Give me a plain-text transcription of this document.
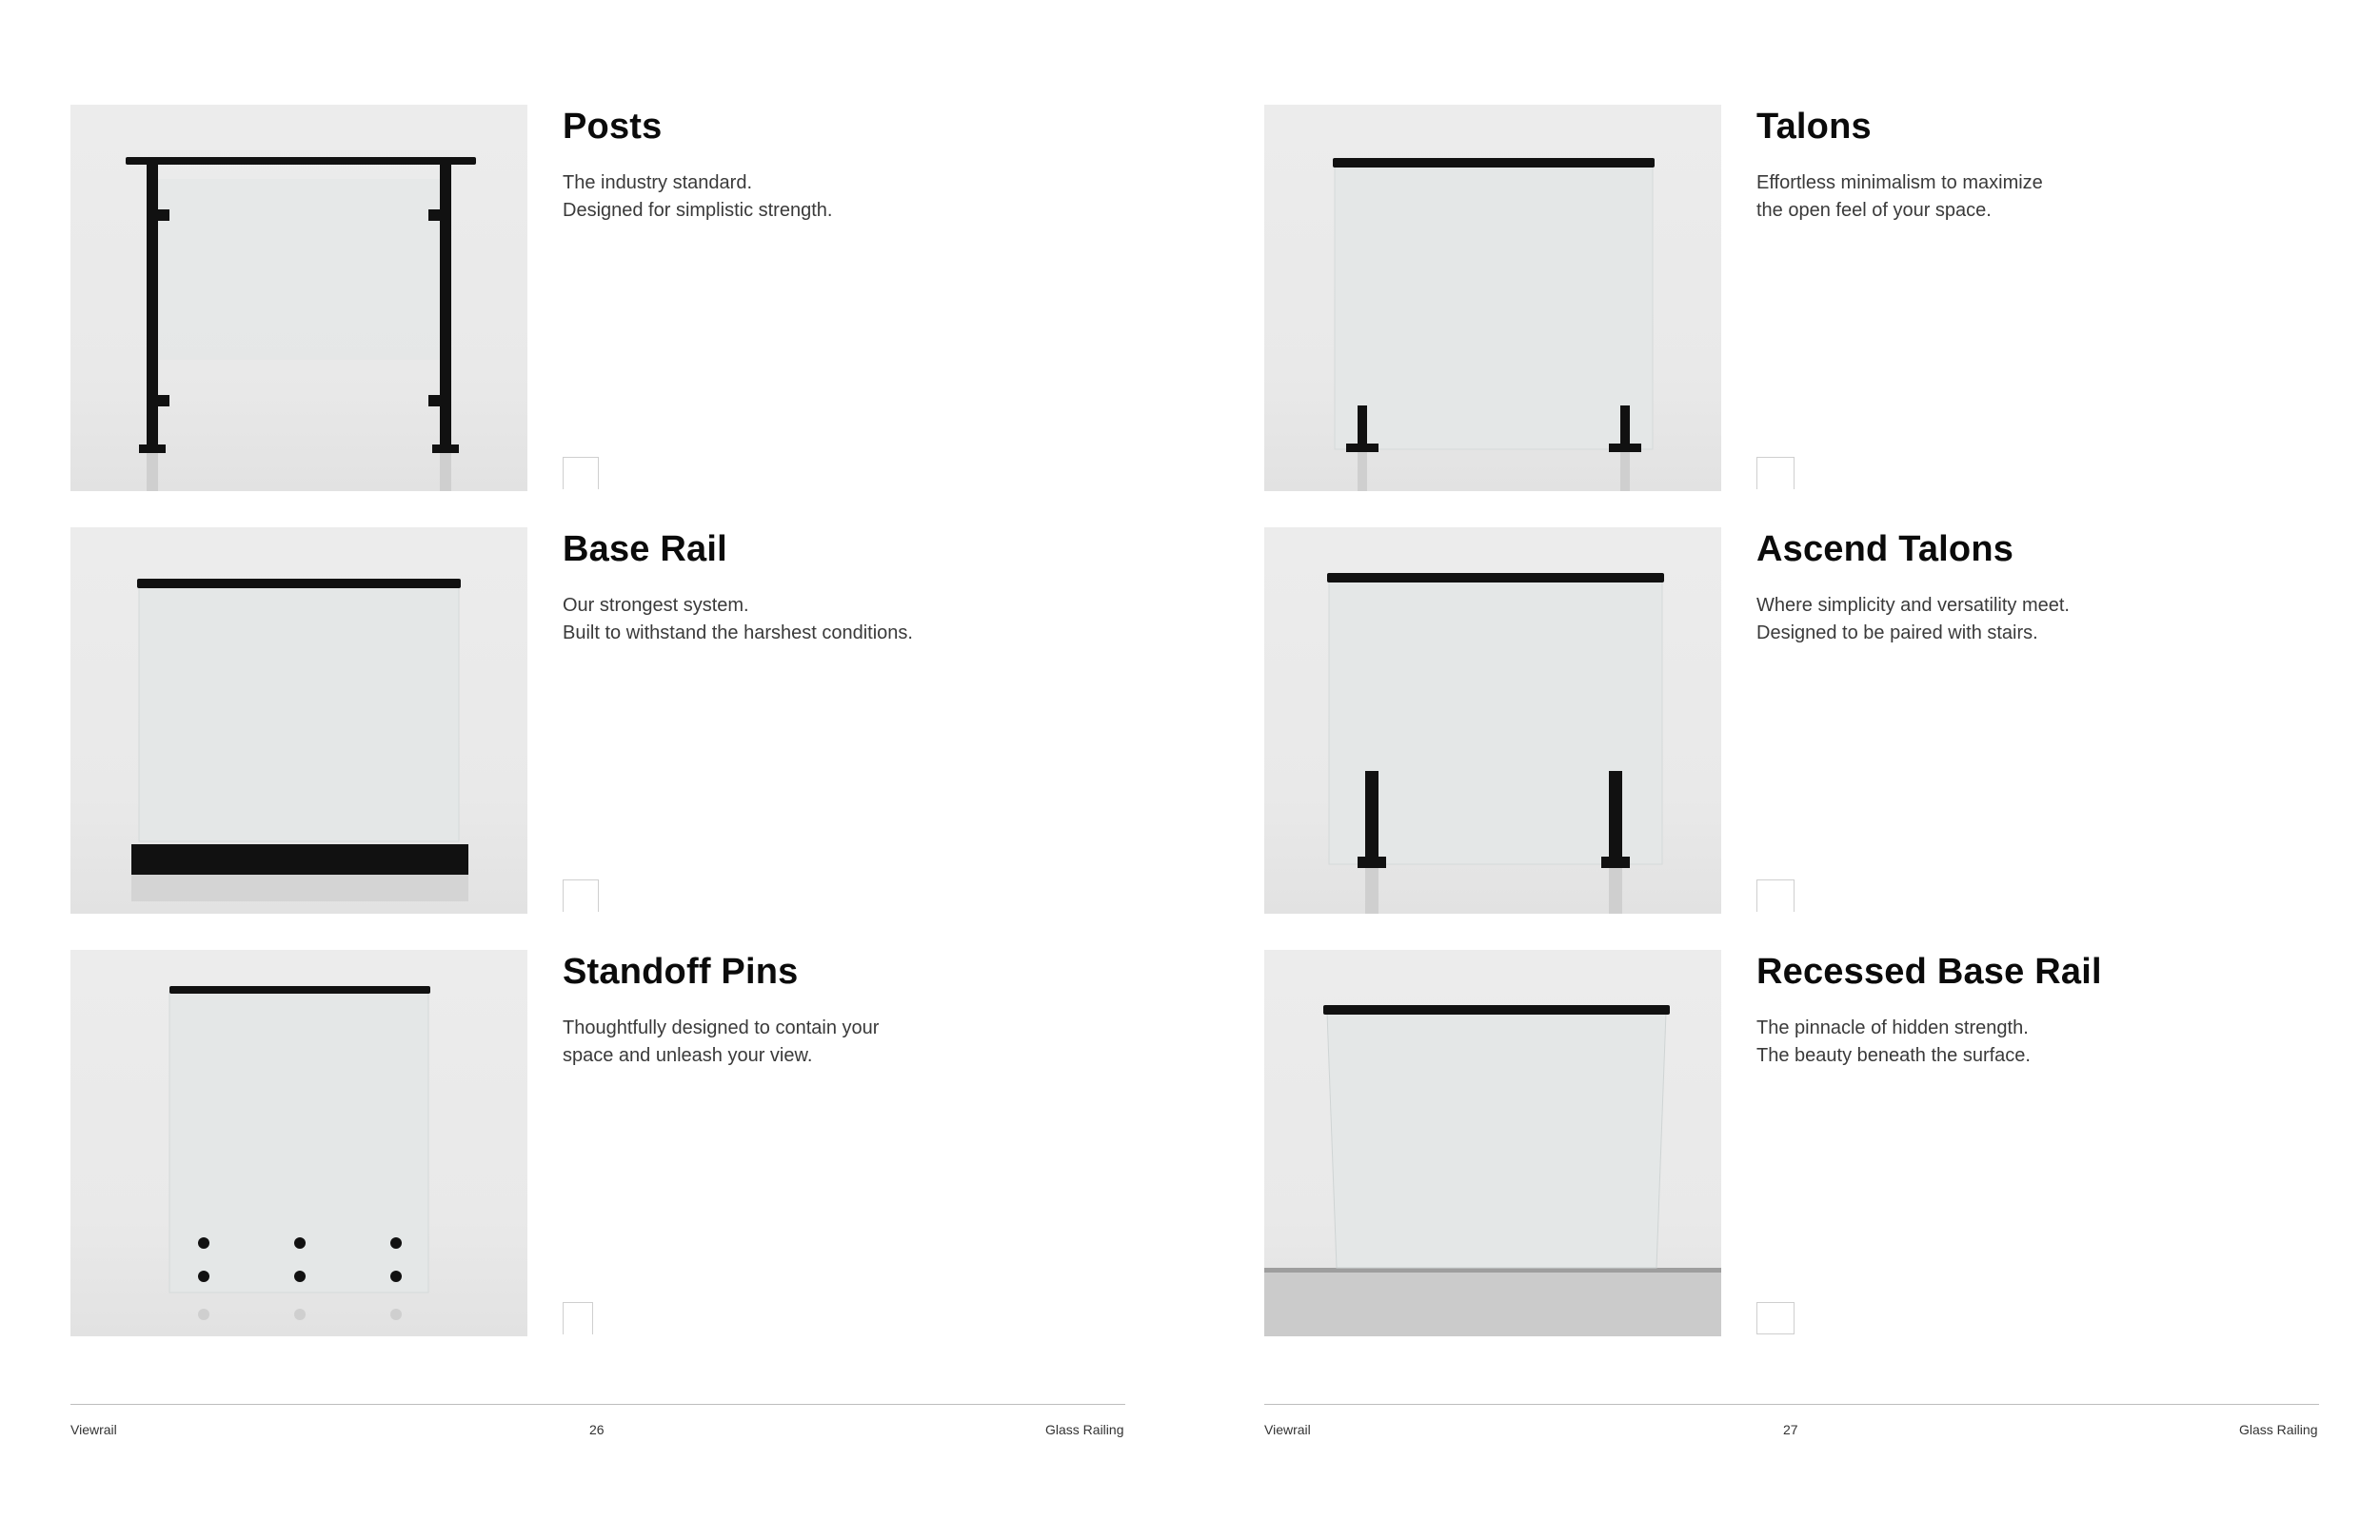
Posts
The industry standard.
Designed for simplistic strength.
Base Rail
Our strongest system.
Built to withstand the harshest conditions.
Standoff Pins
Thoughtfully designed to contain your
space and unleash your view.
Viewrail	26	Glass Railing
Talons
Effortless minimalism to maximize
the open feel of your space.
Ascend Talons
Where simplicity and versatility meet.
Designed to be paired with stairs.
Recessed Base Rail
The pinnacle of hidden strength.
The beauty beneath the surface.
Viewrail	27	Glass Railing
